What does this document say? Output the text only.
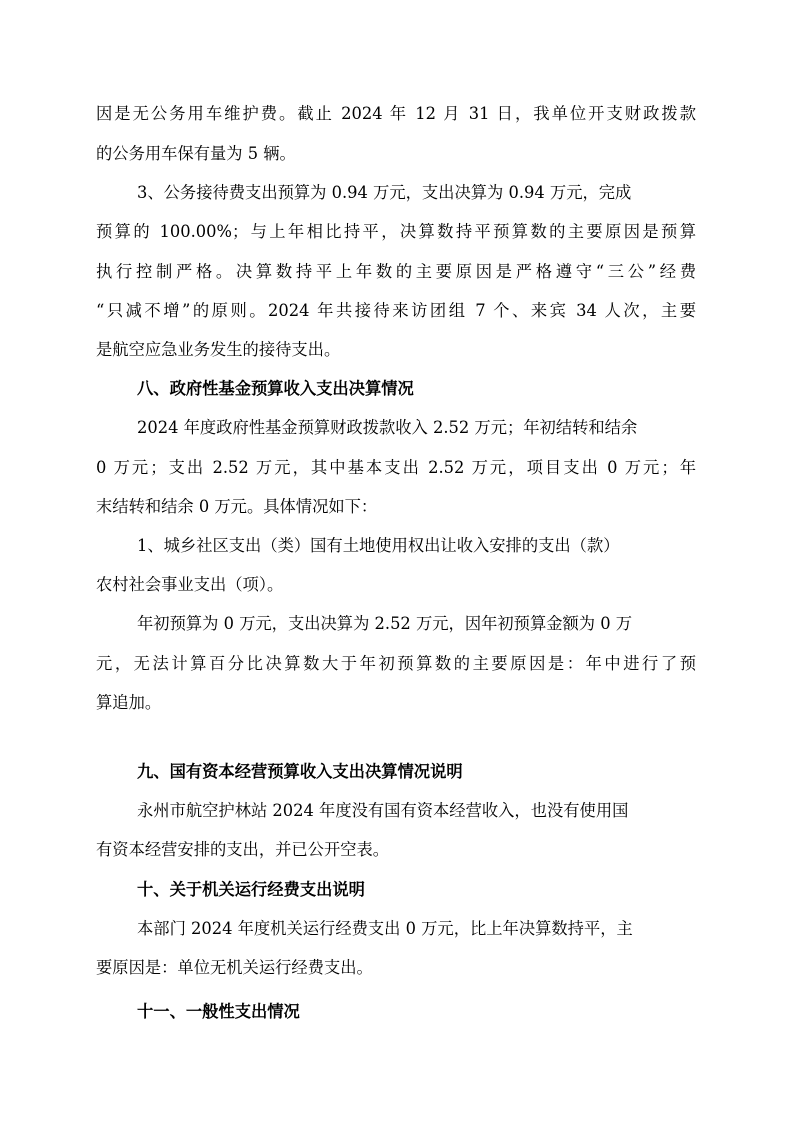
因是无公务用车维护费。截止 2024 年 12 月 31 日，我单位开支财政拨款
的公务用车保有量为 5 辆。
3、公务接待费支出预算为 0.94 万元，支出决算为 0.94 万元，完成
预算的 100.00%；与上年相比持平，决算数持平预算数的主要原因是预算
执行控制严格。决算数持平上年数的主要原因是严格遵守“三公”经费
“只减不增”的原则。2024 年共接待来访团组 7 个、来宾 34 人次，主要
是航空应急业务发生的接待支出。
八、政府性基金预算收入支出决算情况
2024 年度政府性基金预算财政拨款收入 2.52 万元；年初结转和结余
0 万元；支出 2.52 万元，其中基本支出 2.52 万元，项目支出 0 万元；年
末结转和结余 0 万元。具体情况如下：
1、城乡社区支出（类）国有土地使用权出让收入安排的支出（款）
农村社会事业支出（项）。
年初预算为 0 万元，支出决算为 2.52 万元，因年初预算金额为 0 万
元，无法计算百分比决算数大于年初预算数的主要原因是：年中进行了预
算追加。
九、国有资本经营预算收入支出决算情况说明
永州市航空护林站 2024 年度没有国有资本经营收入，也没有使用国
有资本经营安排的支出，并已公开空表。
十、关于机关运行经费支出说明
本部门 2024 年度机关运行经费支出 0 万元，比上年决算数持平，主
要原因是：单位无机关运行经费支出。
十一、一般性支出情况
